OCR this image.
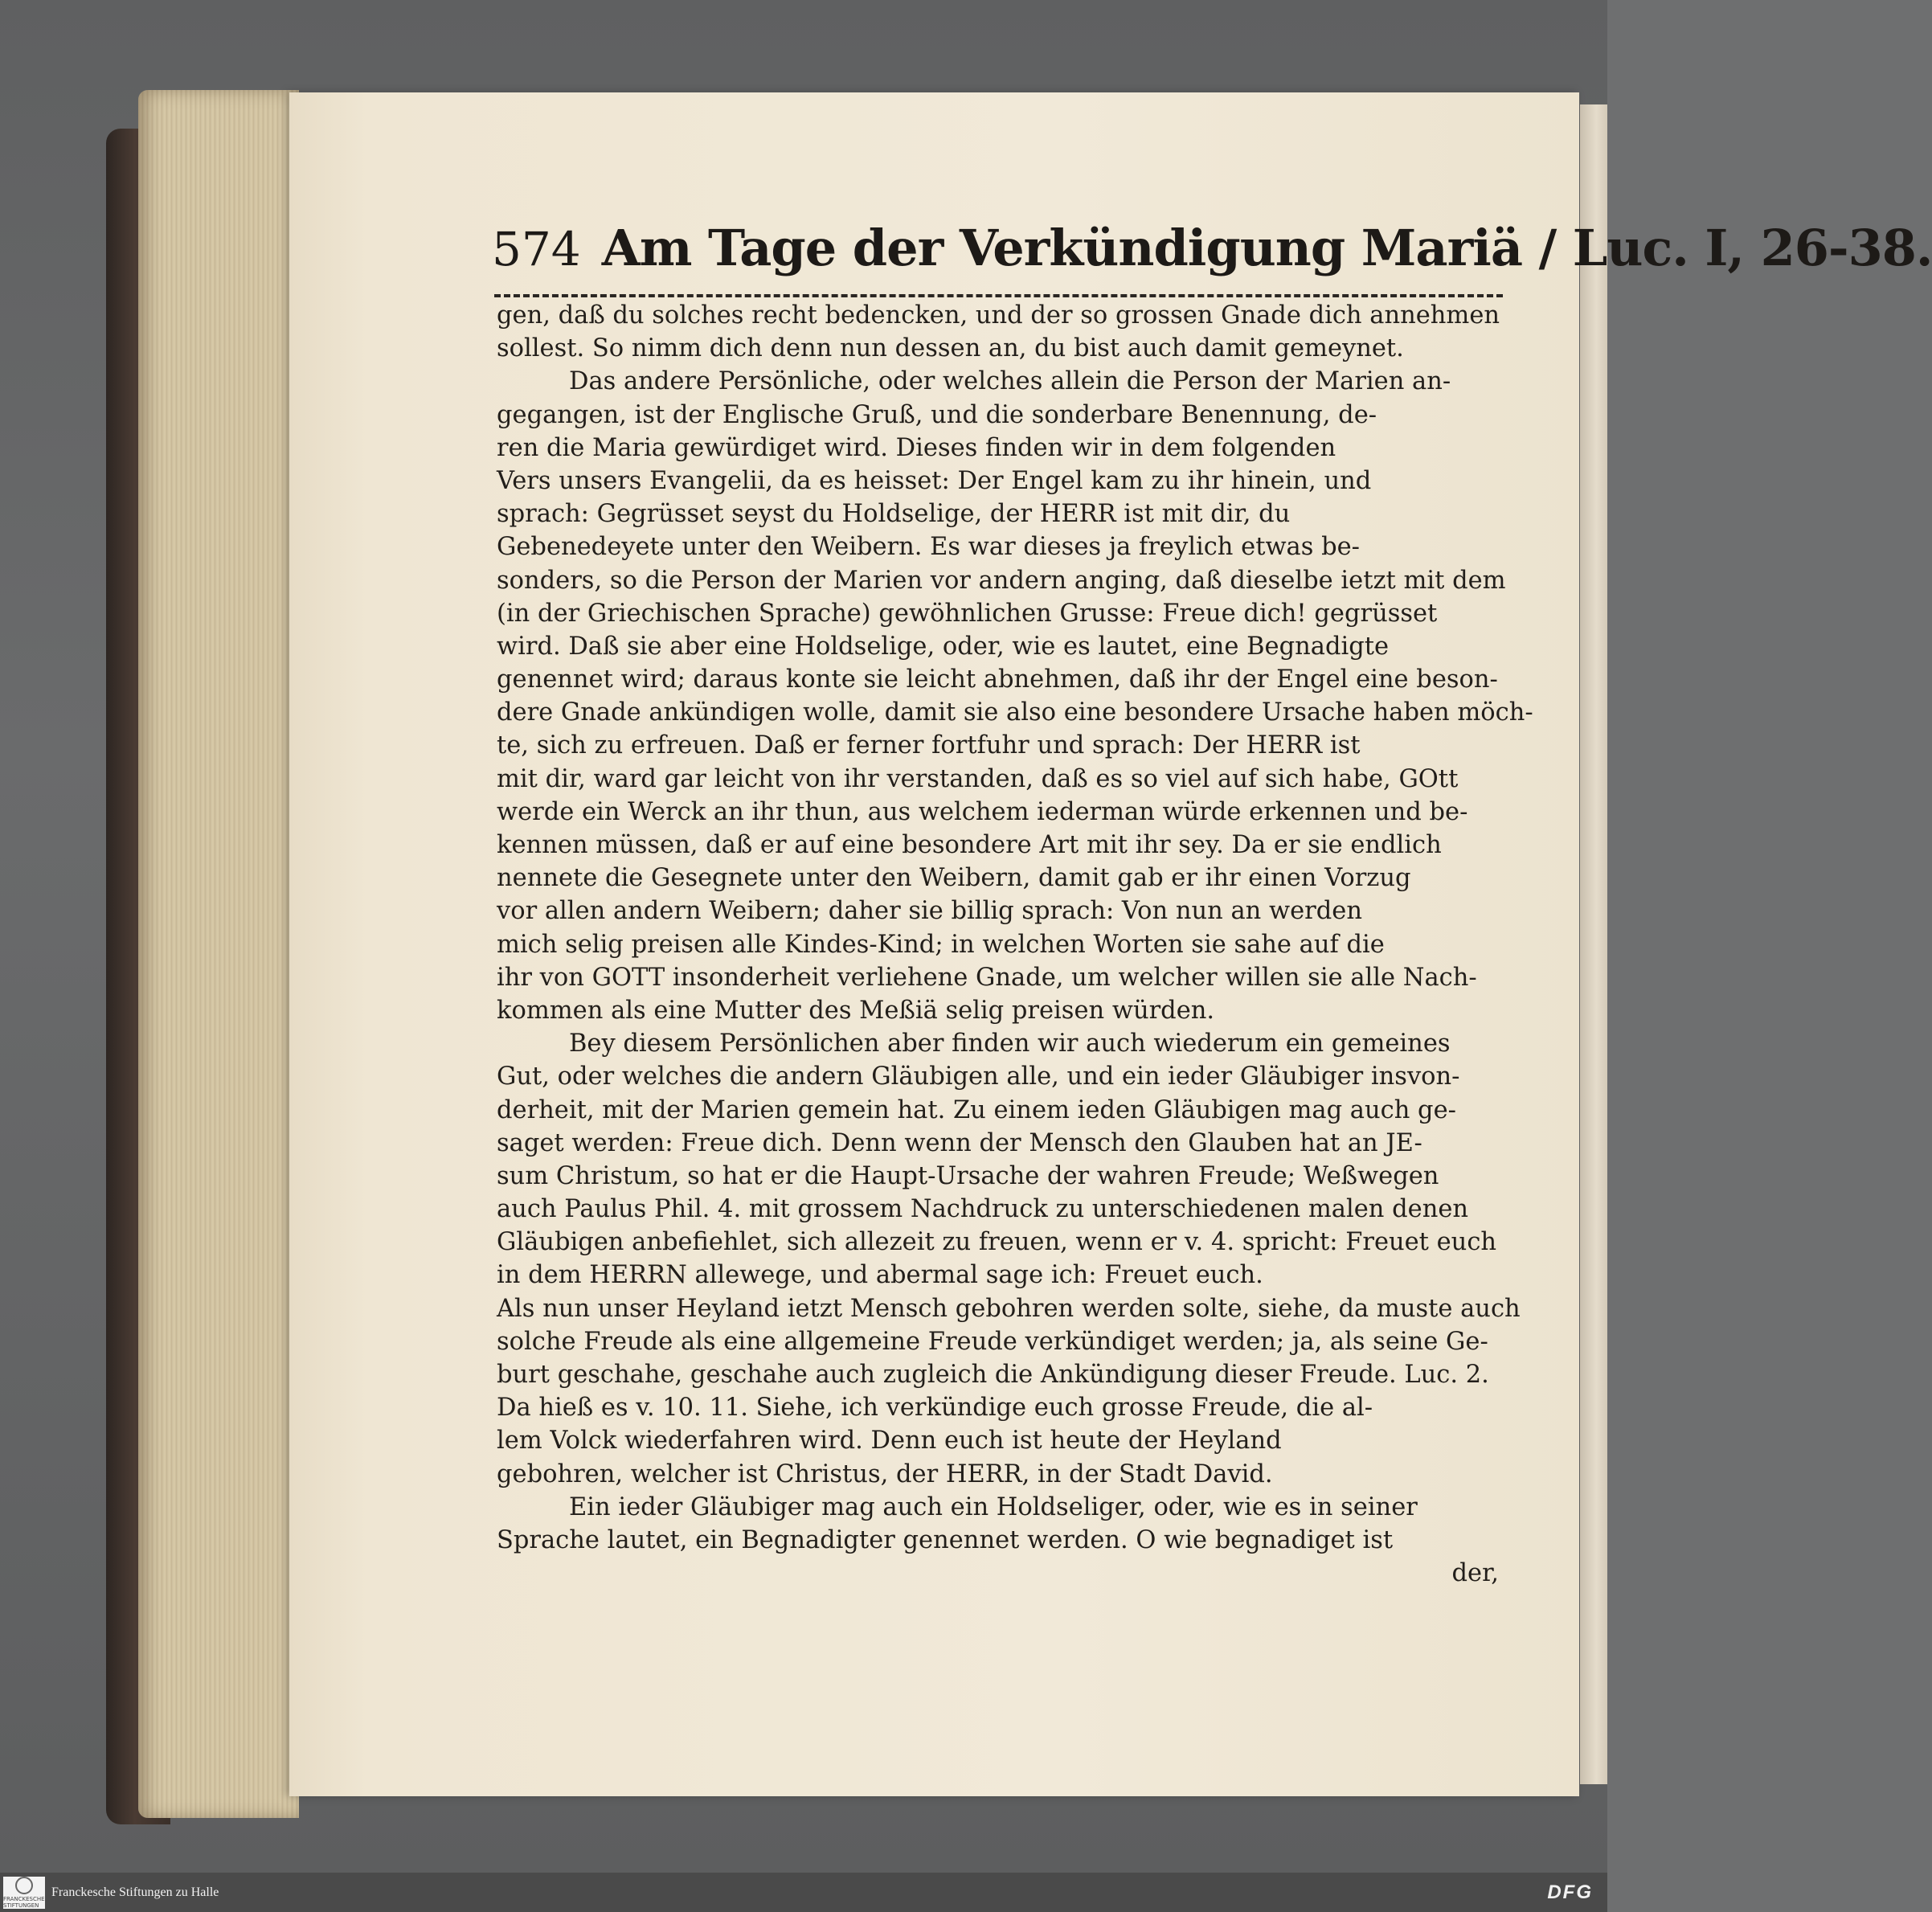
574 Am Tage der Verkündigung Mariä / Luc. I, 26-38.
gen, daß du solches recht bedencken, und der so grossen Gnade dich annehmen
sollest. So nimm dich denn nun dessen an, du bist auch damit gemeynet.
Das andere Persönliche, oder welches allein die Person der Marien an-
gegangen, ist der Englische Gruß, und die sonderbare Benennung, de-
ren die Maria gewürdiget wird. Dieses finden wir in dem folgenden
Vers unsers Evangelii, da es heisset: Der Engel kam zu ihr hinein, und
sprach: Gegrüsset seyst du Holdselige, der HERR ist mit dir, du
Gebenedeyete unter den Weibern. Es war dieses ja freylich etwas be-
sonders, so die Person der Marien vor andern anging, daß dieselbe ietzt mit dem
(in der Griechischen Sprache) gewöhnlichen Grusse: Freue dich! gegrüsset
wird. Daß sie aber eine Holdselige, oder, wie es lautet, eine Begnadigte
genennet wird; daraus konte sie leicht abnehmen, daß ihr der Engel eine beson-
dere Gnade ankündigen wolle, damit sie also eine besondere Ursache haben möch-
te, sich zu erfreuen. Daß er ferner fortfuhr und sprach: Der HERR ist
mit dir, ward gar leicht von ihr verstanden, daß es so viel auf sich habe, GOtt
werde ein Werck an ihr thun, aus welchem iederman würde erkennen und be-
kennen müssen, daß er auf eine besondere Art mit ihr sey. Da er sie endlich
nennete die Gesegnete unter den Weibern, damit gab er ihr einen Vorzug
vor allen andern Weibern; daher sie billig sprach: Von nun an werden
mich selig preisen alle Kindes-Kind; in welchen Worten sie sahe auf die
ihr von GOTT insonderheit verliehene Gnade, um welcher willen sie alle Nach-
kommen als eine Mutter des Meßiä selig preisen würden.
Bey diesem Persönlichen aber finden wir auch wiederum ein gemeines
Gut, oder welches die andern Gläubigen alle, und ein ieder Gläubiger insvon-
derheit, mit der Marien gemein hat. Zu einem ieden Gläubigen mag auch ge-
saget werden: Freue dich. Denn wenn der Mensch den Glauben hat an JE-
sum Christum, so hat er die Haupt-Ursache der wahren Freude; Weßwegen
auch Paulus Phil. 4. mit grossem Nachdruck zu unterschiedenen malen denen
Gläubigen anbefiehlet, sich allezeit zu freuen, wenn er v. 4. spricht: Freuet euch
in dem HERRN allewege, und abermal sage ich: Freuet euch.
Als nun unser Heyland ietzt Mensch gebohren werden solte, siehe, da muste auch
solche Freude als eine allgemeine Freude verkündiget werden; ja, als seine Ge-
burt geschahe, geschahe auch zugleich die Ankündigung dieser Freude. Luc. 2.
Da hieß es v. 10. 11. Siehe, ich verkündige euch grosse Freude, die al-
lem Volck wiederfahren wird. Denn euch ist heute der Heyland
gebohren, welcher ist Christus, der HERR, in der Stadt David.
Ein ieder Gläubiger mag auch ein Holdseliger, oder, wie es in seiner
Sprache lautet, ein Begnadigter genennet werden. O wie begnadiget ist
der,
FRANCKESCHE STIFTUNGEN
Franckesche Stiftungen zu Halle	DFG
